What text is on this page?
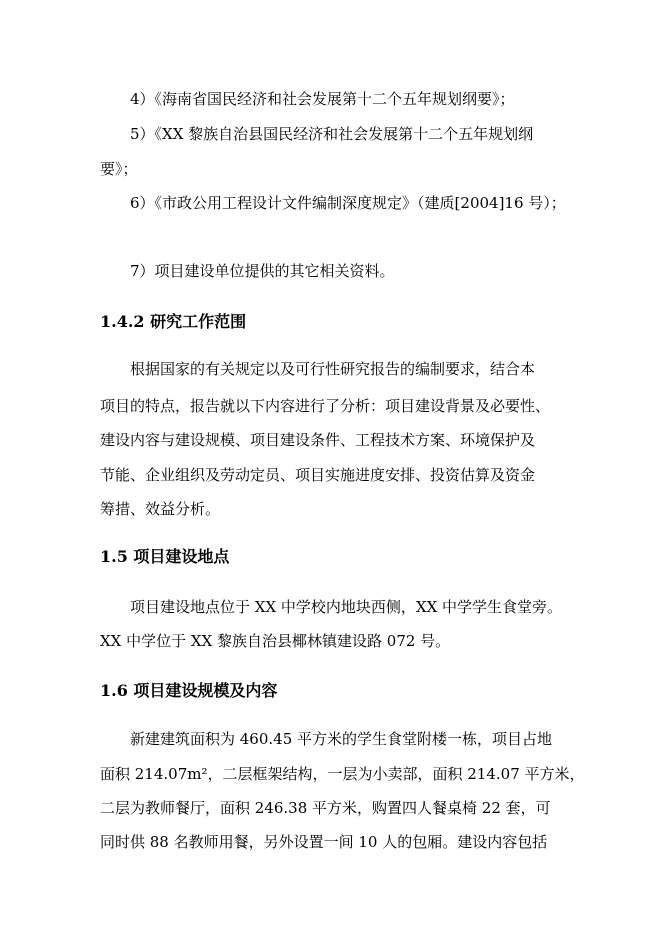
4）《海南省国民经济和社会发展第十二个五年规划纲要》；
5）《XX 黎族自治县国民经济和社会发展第十二个五年规划纲
要》；
6）《市政公用工程设计文件编制深度规定》（建质[2004]16 号）；
7）项目建设单位提供的其它相关资料。
1.4.2 研究工作范围
根据国家的有关规定以及可行性研究报告的编制要求，结合本
项目的特点，报告就以下内容进行了分析：项目建设背景及必要性、
建设内容与建设规模、项目建设条件、工程技术方案、环境保护及
节能、企业组织及劳动定员、项目实施进度安排、投资估算及资金
筹措、效益分析。
1.5 项目建设地点
项目建设地点位于 XX 中学校内地块西侧，XX 中学学生食堂旁。
XX 中学位于 XX 黎族自治县椰林镇建设路 072 号。
1.6 项目建设规模及内容
新建建筑面积为 460.45 平方米的学生食堂附楼一栋，项目占地
面积 214.07m²，二层框架结构，一层为小卖部，面积 214.07 平方米，
二层为教师餐厅，面积 246.38 平方米，购置四人餐桌椅 22 套，可
同时供 88 名教师用餐，另外设置一间 10 人的包厢。建设内容包括
